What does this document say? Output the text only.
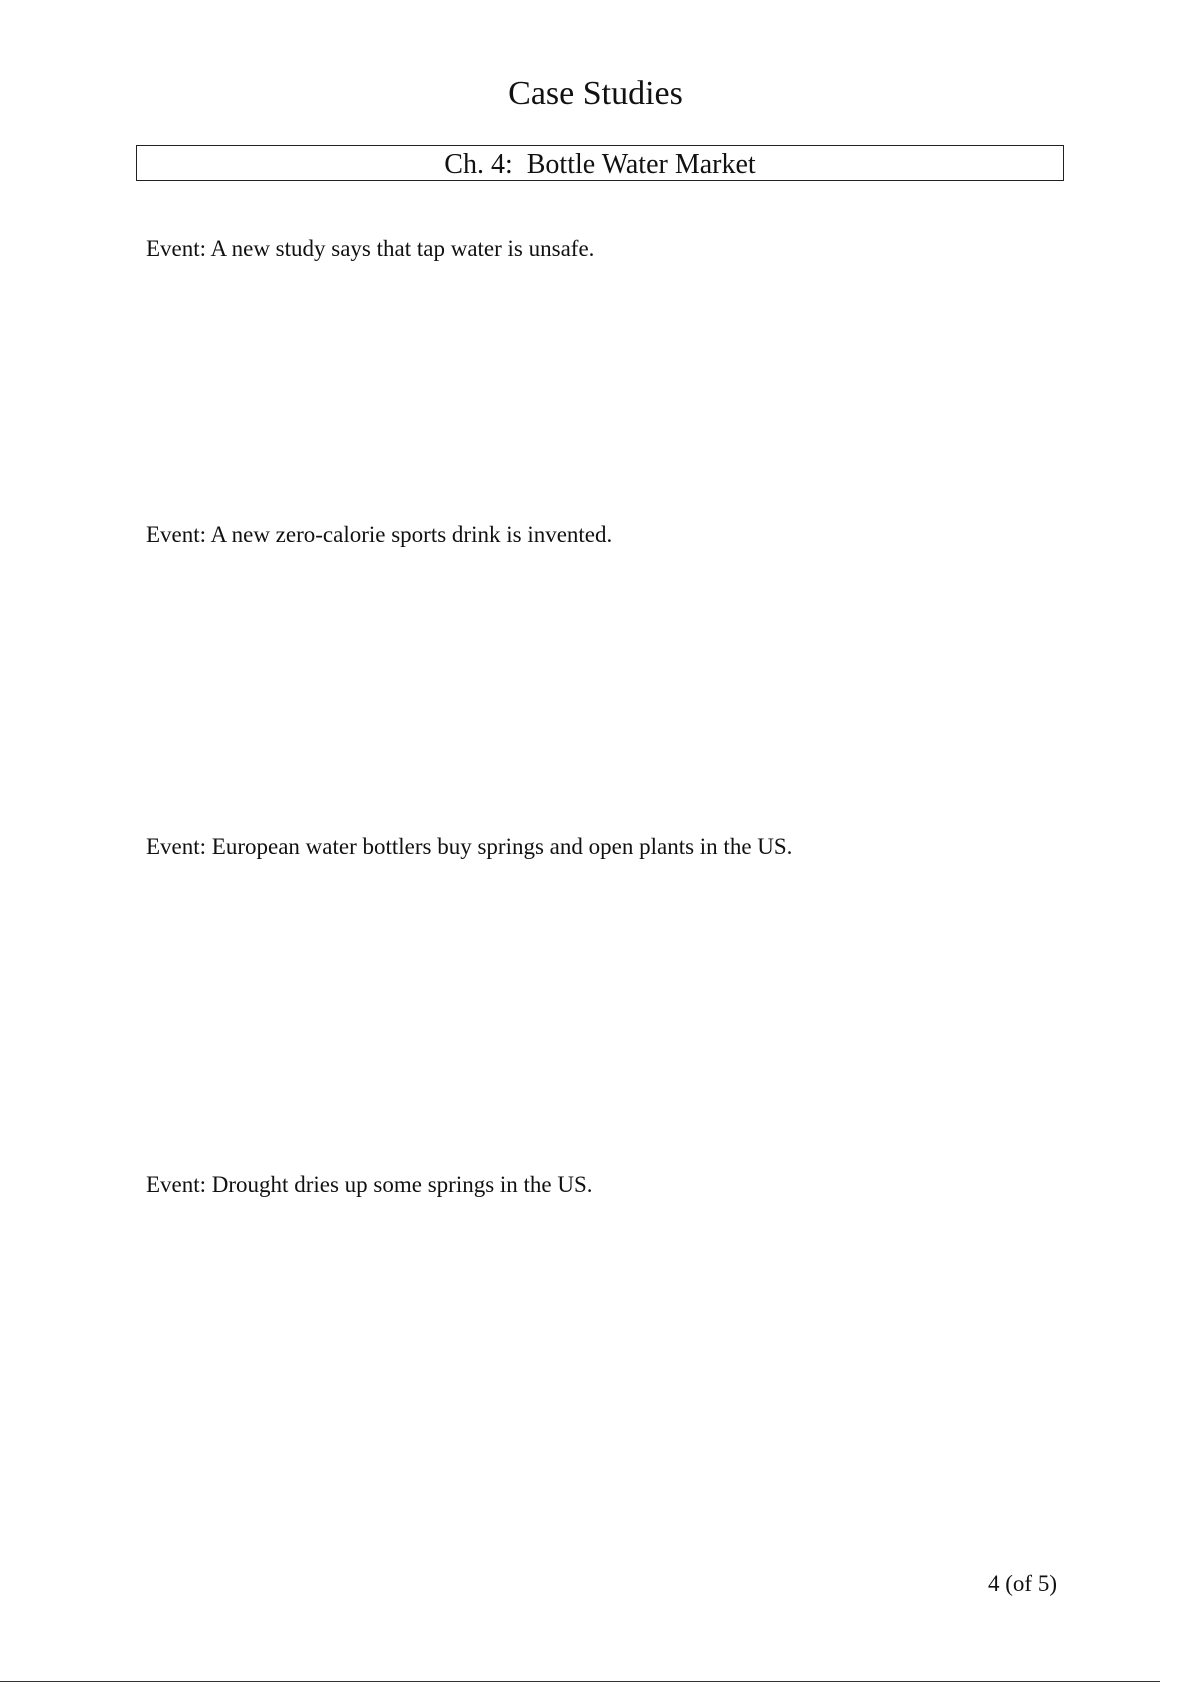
Case Studies
Ch. 4:  Bottle Water Market
Event: A new study says that tap water is unsafe.
Event: A new zero-calorie sports drink is invented.
Event: European water bottlers buy springs and open plants in the US.
Event: Drought dries up some springs in the US.
4 (of 5)
